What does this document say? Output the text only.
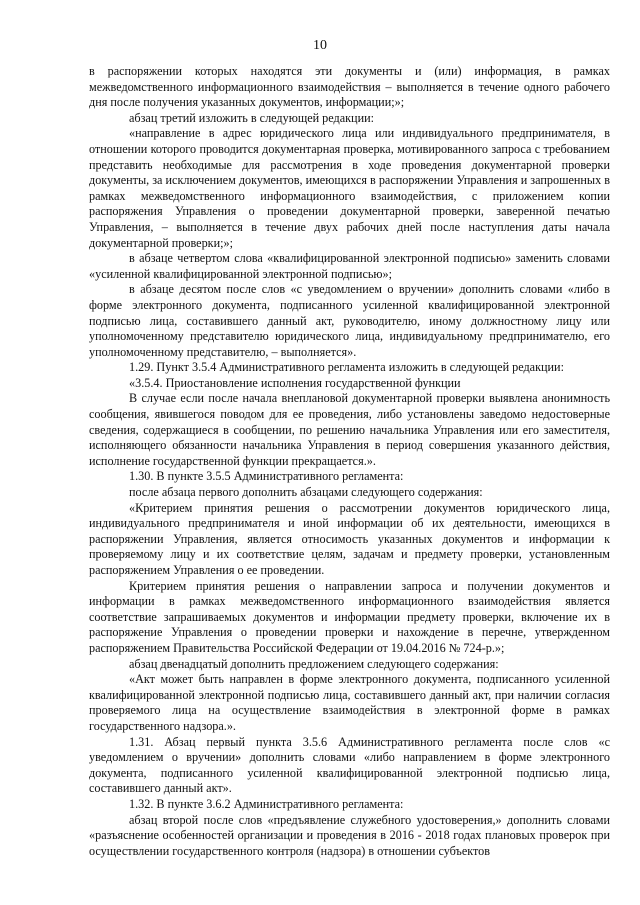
10

в распоряжении которых находятся эти документы и (или) информация, в рамках межведомственного информационного взаимодействия – выполняется в течение одного рабочего дня после получения указанных документов, информации;»;

абзац третий изложить в следующей редакции:

«направление в адрес юридического лица или индивидуального предпринимателя, в отношении которого проводится документарная проверка, мотивированного запроса с требованием представить необходимые для рассмотрения в ходе проведения документарной проверки документы, за исключением документов, имеющихся в распоряжении Управления и запрошенных в рамках межведомственного информационного взаимодействия, с приложением копии распоряжения Управления о проведении документарной проверки, заверенной печатью Управления, – выполняется в течение двух рабочих дней после наступления даты начала документарной проверки;»;

в абзаце четвертом слова «квалифицированной электронной подписью» заменить словами «усиленной квалифицированной электронной подписью»;

в абзаце десятом после слов «с уведомлением о вручении» дополнить словами «либо в форме электронного документа, подписанного усиленной квалифицированной электронной подписью лица, составившего данный акт, руководителю, иному должностному лицу или уполномоченному представителю юридического лица, индивидуальному предпринимателю, его уполномоченному представителю, – выполняется».

1.29. Пункт 3.5.4 Административного регламента изложить в следующей редакции:

«3.5.4. Приостановление исполнения государственной функции

В случае если после начала внеплановой документарной проверки выявлена анонимность сообщения, явившегося поводом для ее проведения, либо установлены заведомо недостоверные сведения, содержащиеся в сообщении, по решению начальника Управления или его заместителя, исполняющего обязанности начальника Управления в период совершения указанного действия, исполнение государственной функции прекращается.».

1.30. В пункте 3.5.5 Административного регламента:

после абзаца первого дополнить абзацами следующего содержания:

«Критерием принятия решения о рассмотрении документов юридического лица, индивидуального предпринимателя и иной информации об их деятельности, имеющихся в распоряжении Управления, является относимость указанных документов и информации к проверяемому лицу и их соответствие целям, задачам и предмету проверки, установленным распоряжением Управления о ее проведении.

Критерием принятия решения о направлении запроса и получении документов и информации в рамках межведомственного информационного взаимодействия является соответствие запрашиваемых документов и информации предмету проверки, включение их в распоряжение Управления о проведении проверки и нахождение в перечне, утвержденном распоряжением Правительства Российской Федерации от 19.04.2016 № 724-р.»;

абзац двенадцатый дополнить предложением следующего содержания:

«Акт может быть направлен в форме электронного документа, подписанного усиленной квалифицированной электронной подписью лица, составившего данный акт, при наличии согласия проверяемого лица на осуществление взаимодействия в электронной форме в рамках государственного надзора.».

1.31. Абзац первый пункта 3.5.6 Административного регламента после слов «с уведомлением о вручении» дополнить словами «либо направлением в форме электронного документа, подписанного усиленной квалифицированной электронной подписью лица, составившего данный акт».

1.32. В пункте 3.6.2 Административного регламента:

абзац второй после слов «предъявление служебного удостоверения,» дополнить словами «разъяснение особенностей организации и проведения в 2016 - 2018 годах плановых проверок при осуществлении государственного контроля (надзора) в отношении субъектов
